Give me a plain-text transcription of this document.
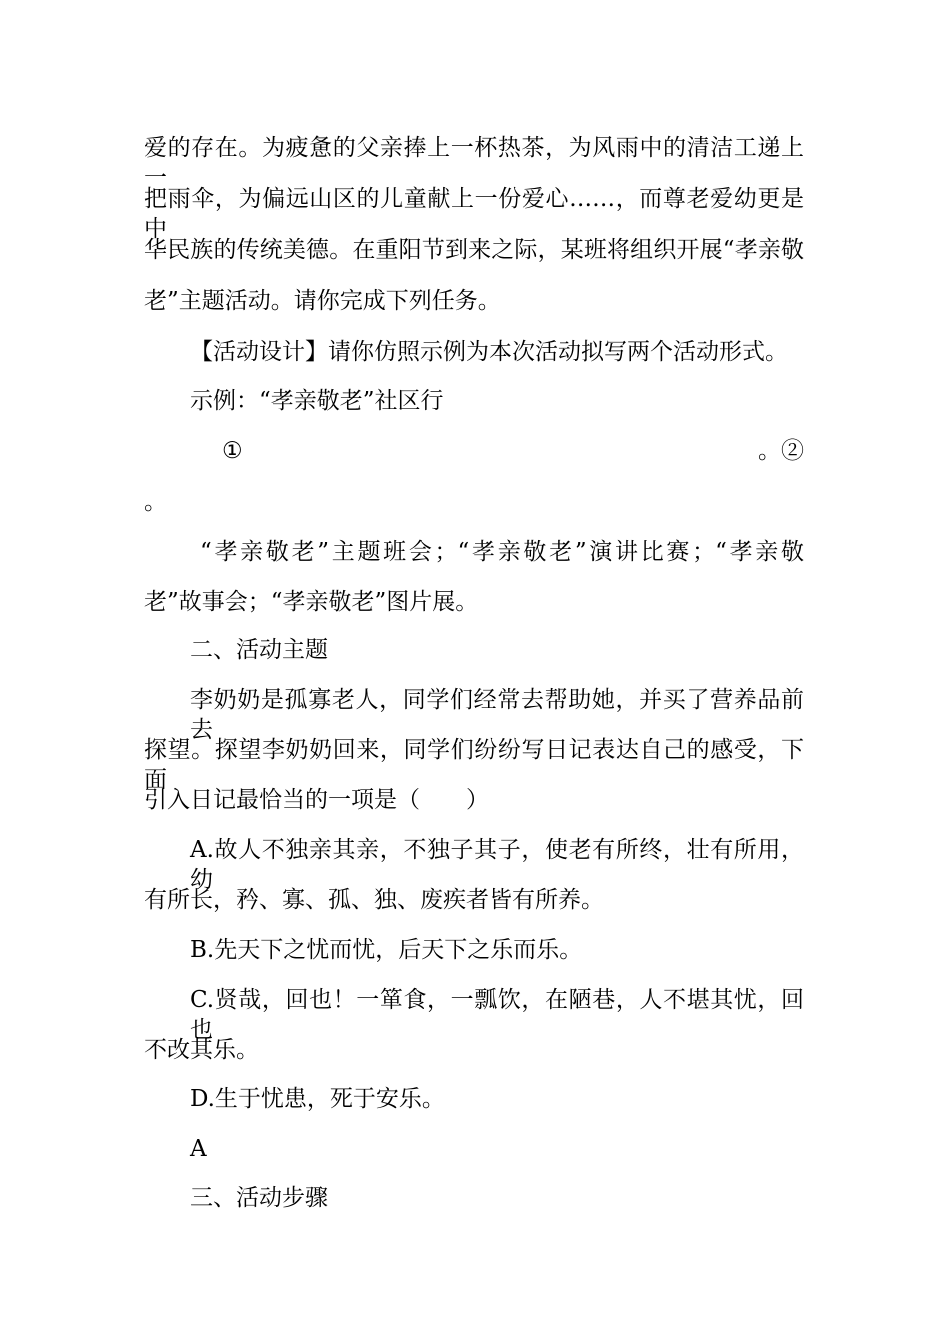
爱的存在。为疲惫的父亲捧上一杯热茶，为风雨中的清洁工递上一
把雨伞，为偏远山区的儿童献上一份爱心……，而尊老爱幼更是中
华民族的传统美德。在重阳节到来之际，某班将组织开展“孝亲敬
老”主题活动。请你完成下列任务。
【活动设计】请你仿照示例为本次活动拟写两个活动形式。
示例：“孝亲敬老”社区行
①	。②
。
“孝亲敬老”主题班会；“孝亲敬老”演讲比赛；“孝亲敬
老”故事会；“孝亲敬老”图片展。
二、活动主题
李奶奶是孤寡老人，同学们经常去帮助她，并买了营养品前去
探望。探望李奶奶回来，同学们纷纷写日记表达自己的感受，下面
引入日记最恰当的一项是（　　）
A.故人不独亲其亲，不独子其子，使老有所终，壮有所用，幼
有所长，矜、寡、孤、独、废疾者皆有所养。
B.先天下之忧而忧，后天下之乐而乐。
C.贤哉，回也！一箪食，一瓢饮，在陋巷，人不堪其忧，回也
不改其乐。
D.生于忧患，死于安乐。
A
三、活动步骤
